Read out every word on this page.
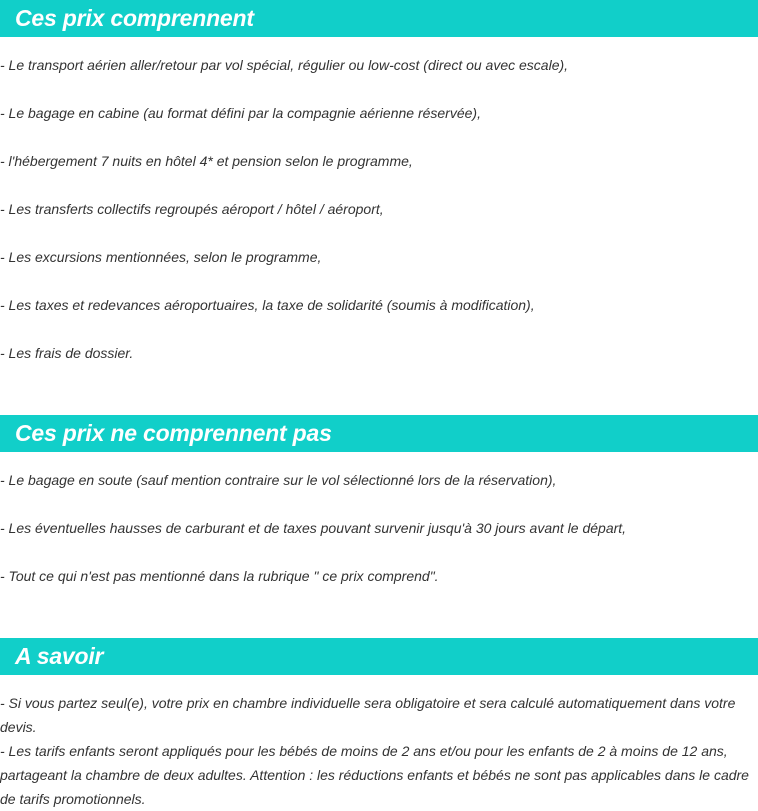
Ces prix comprennent

- Le transport aérien aller/retour par vol spécial, régulier ou low-cost (direct ou avec escale),

- Le bagage en cabine (au format défini par la compagnie aérienne réservée),

- l'hébergement 7 nuits en hôtel 4* et pension selon le programme,

- Les transferts collectifs regroupés aéroport / hôtel / aéroport,

- Les excursions mentionnées, selon le programme,

- Les taxes et redevances aéroportuaires, la taxe de solidarité (soumis à modification),

- Les frais de dossier.

Ces prix ne comprennent pas

- Le bagage en soute (sauf mention contraire sur le vol sélectionné lors de la réservation),

- Les éventuelles hausses de carburant et de taxes pouvant survenir jusqu'à 30 jours avant le départ,

- Tout ce qui n'est pas mentionné dans la rubrique " ce prix comprend".

A savoir

- Si vous partez seul(e), votre prix en chambre individuelle sera obligatoire et sera calculé automatiquement dans votre devis.

- Les tarifs enfants seront appliqués pour les bébés de moins de 2 ans et/ou pour les enfants de 2 à moins de 12 ans, partageant la chambre de deux adultes. Attention : les réductions enfants et bébés ne sont pas applicables dans le cadre de tarifs promotionnels.
